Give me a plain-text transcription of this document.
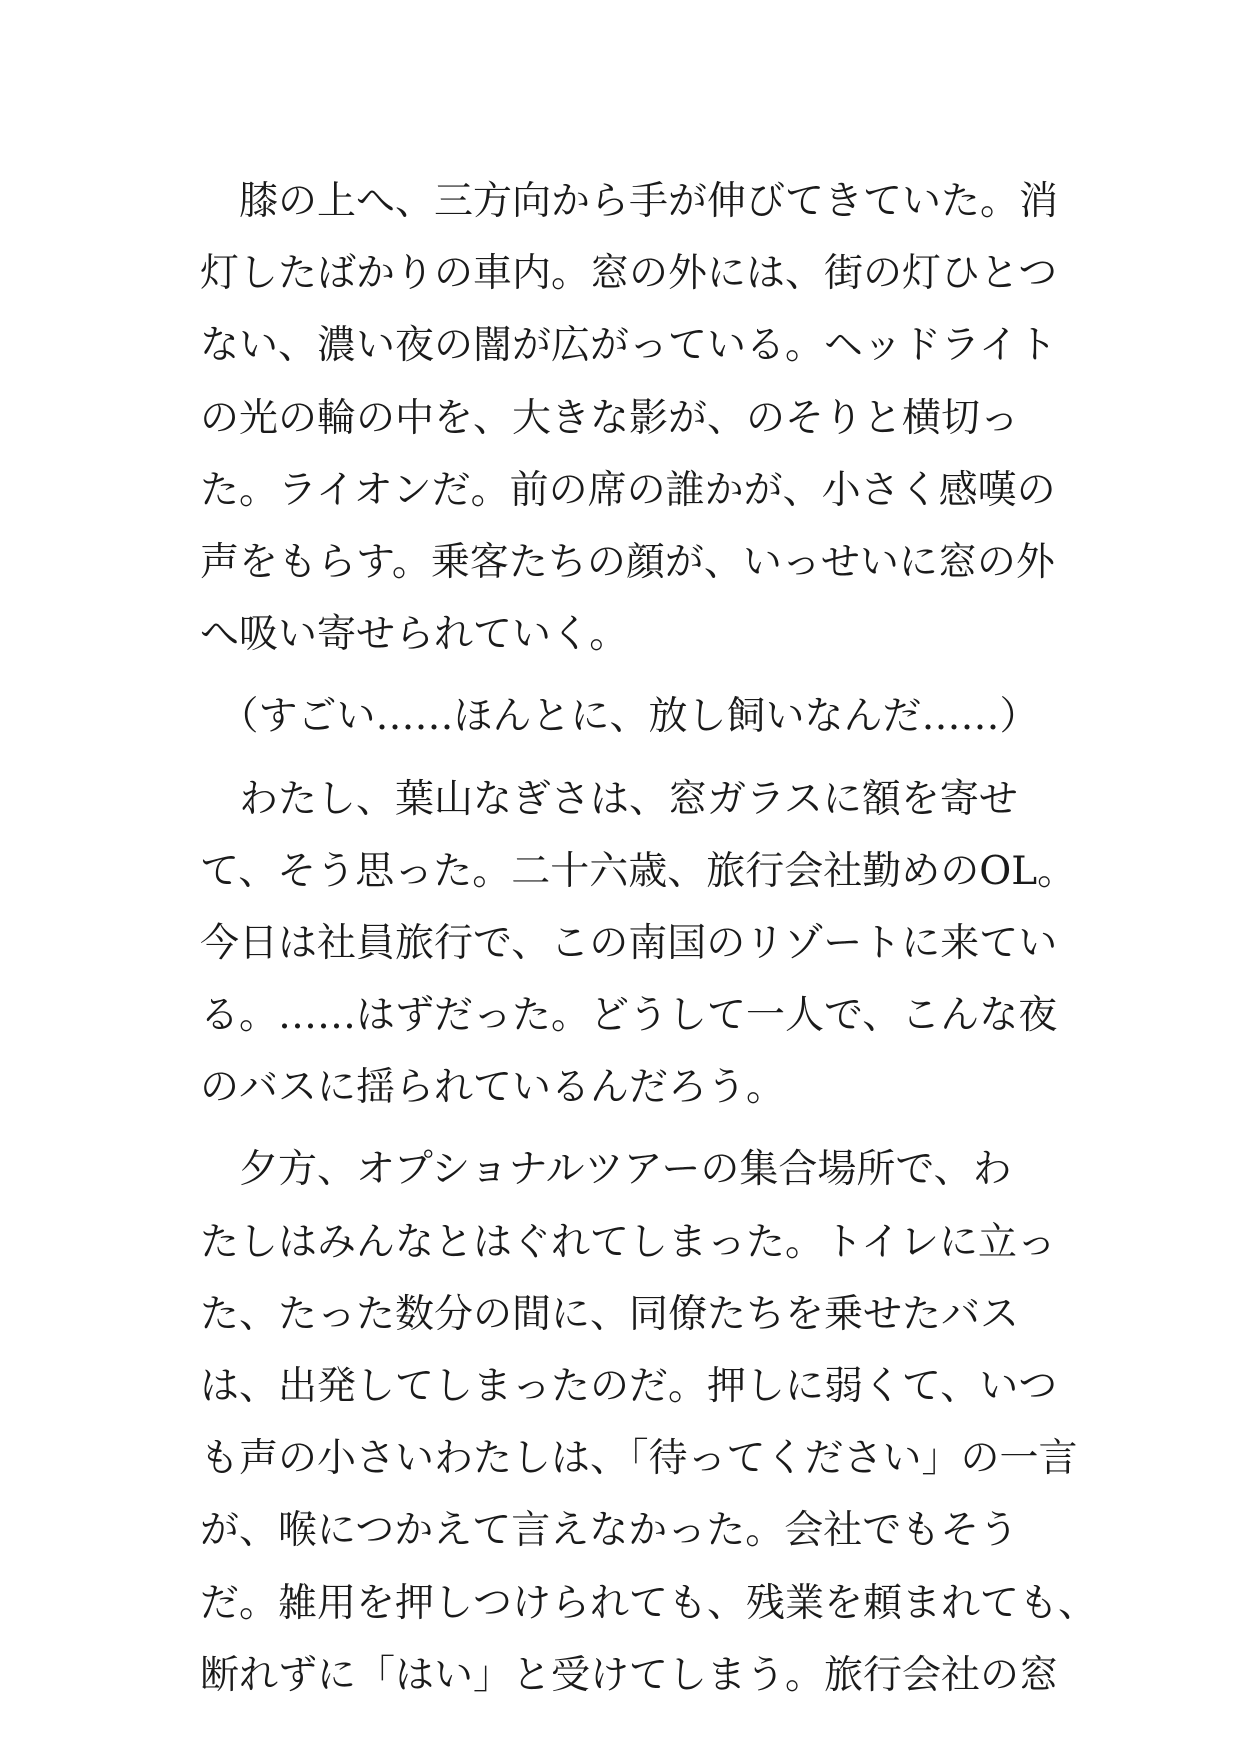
　膝の上へ、三方向から手が伸びてきていた。消
灯したばかりの車内。窓の外には、街の灯ひとつ
ない、濃い夜の闇が広がっている。ヘッドライト
の光の輪の中を、大きな影が、のそりと横切っ
た。ライオンだ。前の席の誰かが、小さく感嘆の
声をもらす。乗客たちの顔が、いっせいに窓の外
へ吸い寄せられていく。
　（すごい……ほんとに、放し飼いなんだ……）
　わたし、葉山なぎさは、窓ガラスに額を寄せ
て、そう思った。二十六歳、旅行会社勤めのOL。
今日は社員旅行で、この南国のリゾートに来てい
る。……はずだった。どうして一人で、こんな夜
のバスに揺られているんだろう。
　夕方、オプショナルツアーの集合場所で、わ
たしはみんなとはぐれてしまった。トイレに立っ
た、たった数分の間に、同僚たちを乗せたバス
は、出発してしまったのだ。押しに弱くて、いつ
も声の小さいわたしは、「待ってください」の一言
が、喉につかえて言えなかった。会社でもそう
だ。雑用を押しつけられても、残業を頼まれても、
断れずに「はい」と受けてしまう。旅行会社の窓
